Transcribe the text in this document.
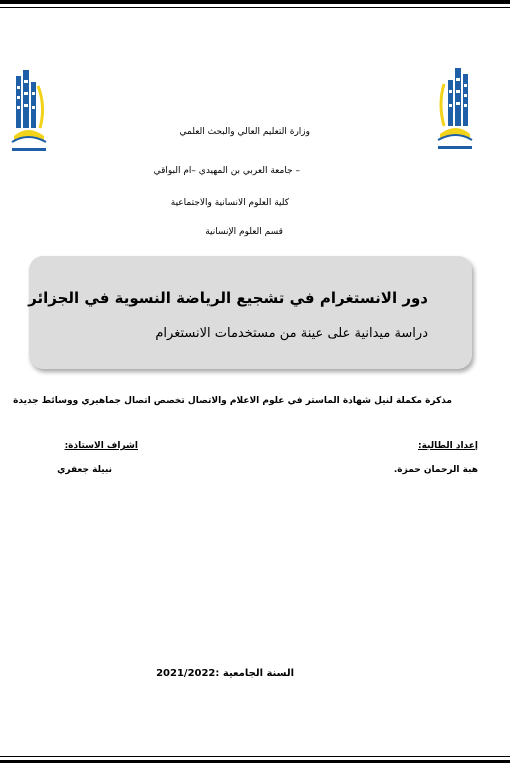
وزارة التعليم العالي والبحث العلمي
– جامعة العربي بن المهيدي –ام البواقي
كلية العلوم الانسانية والاجتماعية
قسم العلوم الإنسانية
دور الانستغرام في تشجيع الرياضة النسوية في الجزائر
دراسة ميدانية على عينة من مستخدمات الانستغرام
مذكرة مكملة لنيل شهادة الماستر في علوم الاعلام والاتصال تخصص اتصال جماهيري ووسائط جديدة
إعداد الطالبة:
هبة الرحمان حمزة.
اشراف الاستاذة:
نبيلة جعفري
السنة الجامعية :2021/2022
